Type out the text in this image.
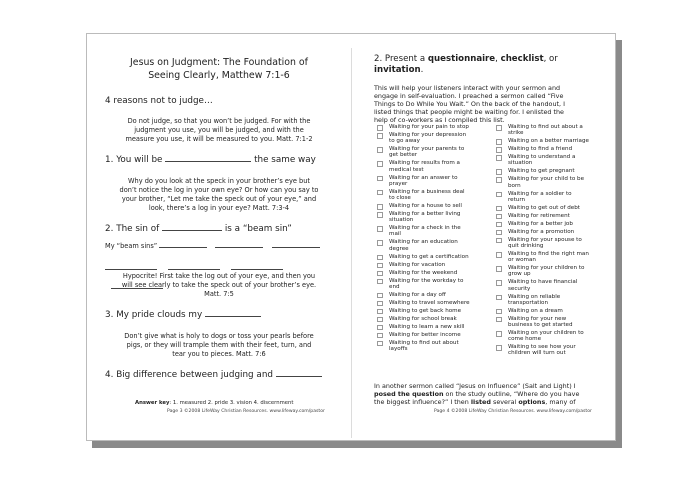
Jesus on Judgment: The Foundation of
Seeing Clearly, Matthew 7:1-6

4 reasons not to judge…

Do not judge, so that you won’t be judged. For with the

judgment you use, you will be judged, and with the

measure you use, it will be measured to you. Matt. 7:1-2

1. You will be	the same way

Why do you look at the speck in your brother’s eye but

don’t notice the log in your own eye? Or how can you say to

your brother, “Let me take the speck out of your eye,” and

look, there’s a log in your eye? Matt. 7:3-4

2. The sin of	is a “beam sin”

My “beam sins”

Hypocrite! First take the log out of your eye, and then you

will see clearly to take the speck out of your brother’s eye.

Matt. 7:5

3. My pride clouds my

Don’t give what is holy to dogs or toss your pearls before

pigs, or they will trample them with their feet, turn, and

tear you to pieces. Matt. 7:6

4. Big difference between judging and

Answer key: 1. measured 2. pride 3. vision 4. discernment
Page 3 ©2008 LifeWay Christian Resources. www.lifeway.com/pastor

2. Present a questionnaire, checklist, or invitation.

This will help your listeners interact with your sermon and

engage in self-evaluation. I preached a sermon called “Five

Things to Do While You Wait.” On the back of the handout, I

listed things that people might be waiting for. I enlisted the

help of co-workers as I compiled this list.

Waiting for your pain to stop
Waiting for your depression
to go away
Waiting for your parents to
get better
Waiting for results from a
medical test
Waiting for an answer to
prayer
Waiting for a business deal
to close
Waiting for a house to sell
Waiting for a better living
situation
Waiting for a check in the
mail
Waiting for an education
degree
Waiting to get a certification
Waiting for vacation
Waiting for the weekend
Waiting for the workday to
end
Waiting for a day off
Waiting to travel somewhere
Waiting to get back home
Waiting for school break
Waiting to learn a new skill
Waiting for better income
Waiting to find out about
layoffs
Waiting to find out about a
strike
Waiting on a better marriage
Waiting to find a friend
Waiting to understand a
situation
Waiting to get pregnant
Waiting for your child to be
born
Waiting for a soldier to
return
Waiting to get out of debt
Waiting for retirement
Waiting for a better job
Waiting for a promotion
Waiting for your spouse to
quit drinking
Waiting to find the right man
or woman
Waiting for your children to
grow up
Waiting to have financial
security
Waiting on reliable
transportation
Waiting on a dream
Waiting for your new
business to get started
Waiting on your children to
come home
Waiting to see how your
children will turn out
In another sermon called “Jesus on Influence” (Salt and Light) I
posed the question on the study outline, “Where do you have
the biggest influence?” I then listed several options, many of
Page 4 ©2008 LifeWay Christian Resources. www.lifeway.com/pastor
